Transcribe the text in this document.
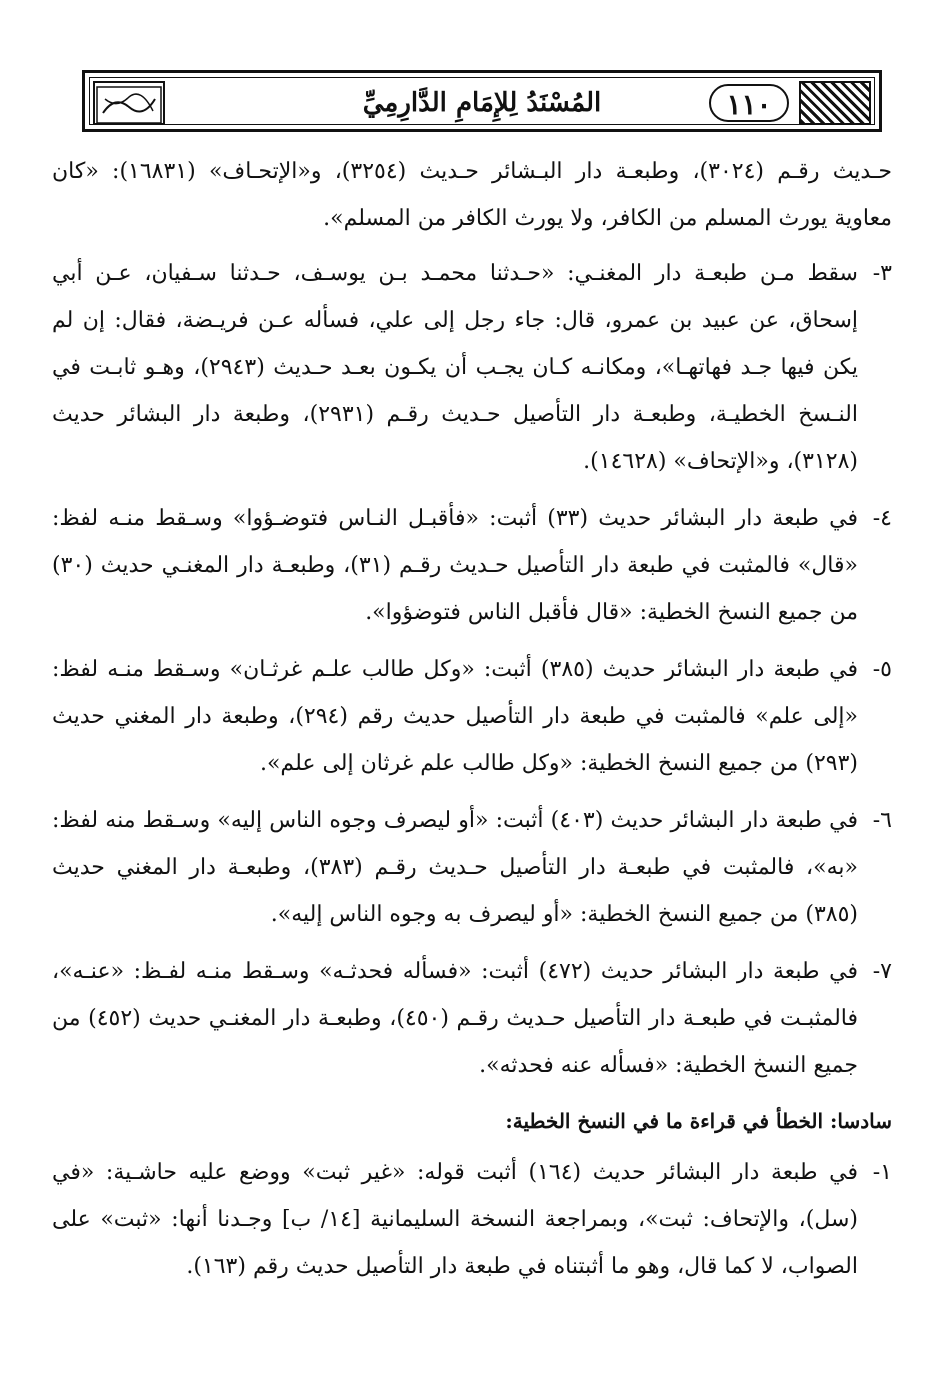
١١٠
المُسْنَدُ لِلإِمَامِ الدَّارِمِيِّ

حـديث رقـم (٣٠٢٤)، وطبعـة دار البـشائر حـديث (٣٢٥٤)، و«الإتحـاف» (١٦٨٣١): «كان معاوية يورث المسلم من الكافر، ولا يورث الكافر من المسلم».

٣-
سقط مـن طبعـة دار المغنـي: «حـدثنا محمـد بـن يوسـف، حـدثنا سـفيان، عـن أبي إسحاق، عن عبيد بن عمرو، قال: جاء رجل إلى علي، فسأله عـن فريـضة، فقال: إن لم يكن فيها جـد فهاتهـا»، ومكانـه كـان يجـب أن يكـون بعـد حـديث (٢٩٤٣)، وهـو ثابـت في النـسخ الخطيـة، وطبعـة دار التأصيل حـديث رقـم (٢٩٣١)، وطبعة دار البشائر حديث (٣١٢٨)، و«الإتحاف» (١٤٦٢٨).
٤-
في طبعة دار البشائر حديث (٣٣) أثبت: «فأقبـل النـاس فتوضـؤوا» وسـقط منـه لفظ: «قال» فالمثبت في طبعة دار التأصيل حـديث رقـم (٣١)، وطبعـة دار المغنـي حديث (٣٠) من جميع النسخ الخطية: «قال فأقبل الناس فتوضؤوا».
٥-
في طبعة دار البشائر حديث (٣٨٥) أثبت: «وكل طالب علـم غرثـان» وسـقط منـه لفظ: «إلى علم» فالمثبت في طبعة دار التأصيل حديث رقم (٢٩٤)، وطبعة دار المغني حديث (٢٩٣) من جميع النسخ الخطية: «وكل طالب علم غرثان إلى علم».
٦-
في طبعة دار البشائر حديث (٤٠٣) أثبت: «أو ليصرف وجوه الناس إليه» وسـقط منه لفظ: «به»، فالمثبت في طبعـة دار التأصيل حـديث رقـم (٣٨٣)، وطبعـة دار المغني حديث (٣٨٥) من جميع النسخ الخطية: «أو ليصرف به وجوه الناس إليه».
٧-
في طبعة دار البشائر حديث (٤٧٢) أثبت: «فسأله فحدثـه» وسـقط منـه لفـظ: «عنـه»، فالمثبـت في طبعـة دار التأصيل حـديث رقـم (٤٥٠)، وطبعـة دار المغنـي حديث (٤٥٢) من جميع النسخ الخطية: «فسأله عنه فحدثه».
سادسا: الخطأ في قراءة ما في النسخ الخطية:
١-
في طبعة دار البشائر حديث (١٦٤) أثبت قوله: «غير ثبت» ووضع عليه حاشـية: «في (سل)، والإتحاف: ثبت»، وبمراجعة النسخة السليمانية [١٤/ ب] وجـدنا أنها: «ثبت» على الصواب، لا كما قال، وهو ما أثبتناه في طبعة دار التأصيل حديث رقم (١٦٣).
